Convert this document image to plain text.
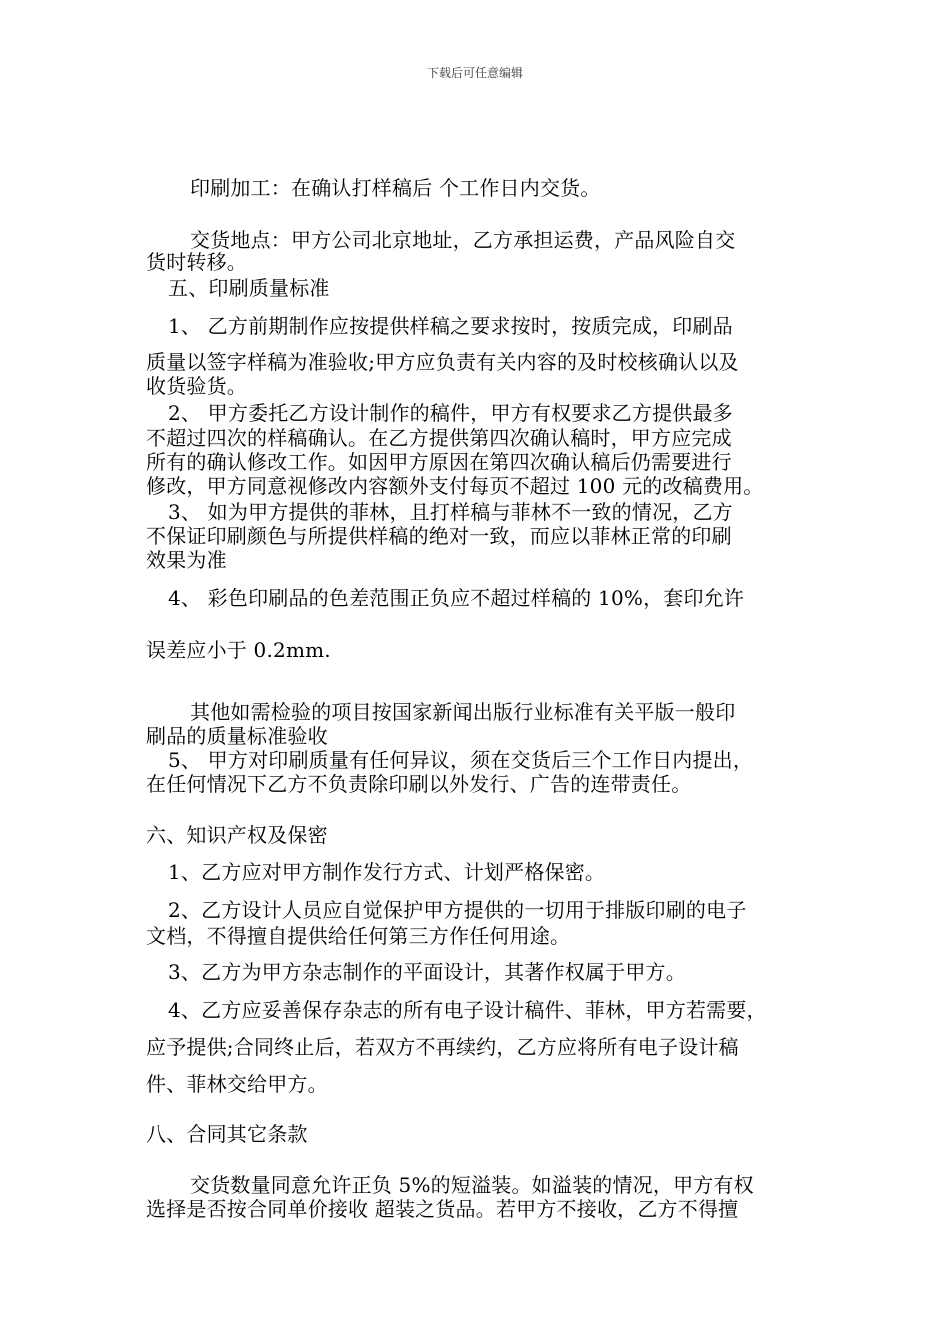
下载后可任意编辑
印刷加工：在确认打样稿后 个工作日内交货。
交货地点：甲方公司北京地址，乙方承担运费，产品风险自交
货时转移。
五、印刷质量标准
1、 乙方前期制作应按提供样稿之要求按时，按质完成，印刷品
质量以签字样稿为准验收;甲方应负责有关内容的及时校核确认以及
收货验货。
2、 甲方委托乙方设计制作的稿件，甲方有权要求乙方提供最多
不超过四次的样稿确认。在乙方提供第四次确认稿时，甲方应完成
所有的确认修改工作。如因甲方原因在第四次确认稿后仍需要进行
修改，甲方同意视修改内容额外支付每页不超过 100 元的改稿费用。
3、 如为甲方提供的菲林，且打样稿与菲林不一致的情况，乙方
不保证印刷颜色与所提供样稿的绝对一致，而应以菲林正常的印刷
效果为准
4、 彩色印刷品的色差范围正负应不超过样稿的 10%，套印允许
误差应小于 0.2mm.
其他如需检验的项目按国家新闻出版行业标准有关平版一般印
刷品的质量标准验收
5、 甲方对印刷质量有任何异议，须在交货后三个工作日内提出，
在任何情况下乙方不负责除印刷以外发行、广告的连带责任。
六、知识产权及保密
1、乙方应对甲方制作发行方式、计划严格保密。
2、乙方设计人员应自觉保护甲方提供的一切用于排版印刷的电子
文档，不得擅自提供给任何第三方作任何用途。
3、乙方为甲方杂志制作的平面设计，其著作权属于甲方。
4、乙方应妥善保存杂志的所有电子设计稿件、菲林，甲方若需要，
应予提供;合同终止后，若双方不再续约，乙方应将所有电子设计稿
件、菲林交给甲方。
八、合同其它条款
交货数量同意允许正负 5%的短溢装。如溢装的情况，甲方有权
选择是否按合同单价接收 超装之货品。若甲方不接收，乙方不得擅
